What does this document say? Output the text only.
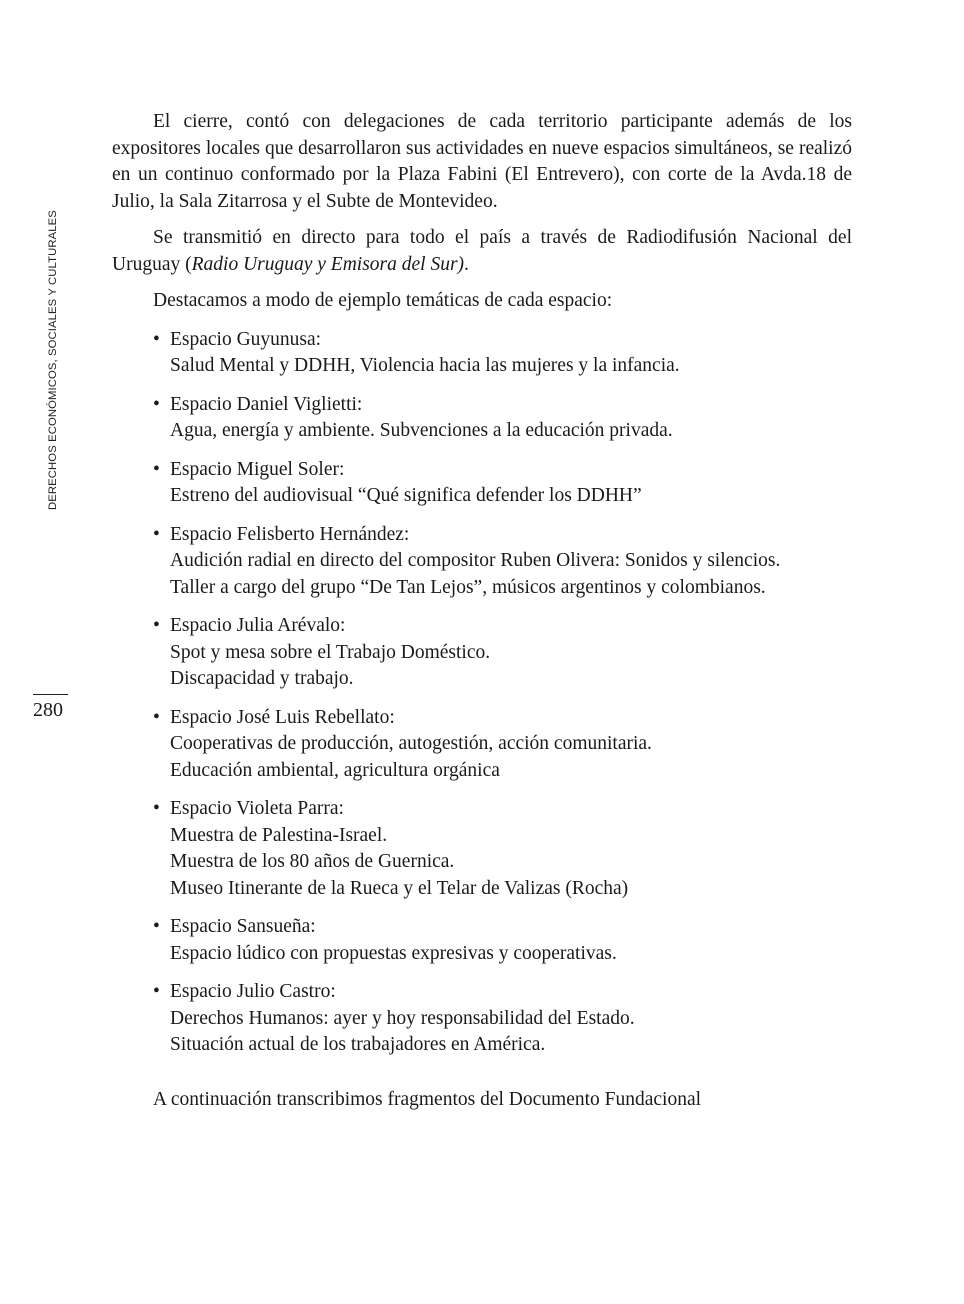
DERECHOS ECONÓMICOS, SOCIALES Y CULTURALES
280

El cierre, contó con delegaciones de cada territorio participante además de los expositores locales que desarrollaron sus actividades en nueve espacios simultáneos, se realizó en un continuo conformado por la Plaza Fabini (El Entrevero), con corte de la Avda.18 de Julio, la Sala Zitarrosa y el Subte de Montevideo.

Se transmitió en directo para todo el país a través de Radiodifusión Nacional del Uruguay (Radio Uruguay y Emisora del Sur).

Destacamos a modo de ejemplo temáticas de cada espacio:

• Espacio Guyunusa:
Salud Mental y DDHH, Violencia hacia las mujeres y la infancia.
• Espacio Daniel Viglietti:
Agua, energía y ambiente. Subvenciones a la educación privada.
• Espacio Miguel Soler:
Estreno del audiovisual “Qué significa defender los DDHH”
• Espacio Felisberto Hernández:
Audición radial en directo del compositor Ruben Olivera: Sonidos y silencios.
Taller a cargo del grupo “De Tan Lejos”, músicos argentinos y colombianos.
• Espacio Julia Arévalo:
Spot y mesa sobre el Trabajo Doméstico.
Discapacidad y trabajo.
• Espacio José Luis Rebellato:
Cooperativas de producción, autogestión, acción comunitaria.
Educación ambiental, agricultura orgánica
• Espacio Violeta Parra:
Muestra de Palestina-Israel.
Muestra de los 80 años de Guernica.
Museo Itinerante de la Rueca y el Telar de Valizas (Rocha)
• Espacio Sansueña:
Espacio lúdico con propuestas expresivas y cooperativas.
• Espacio Julio Castro:
Derechos Humanos: ayer y hoy responsabilidad del Estado.
Situación actual de los trabajadores en América.

A continuación transcribimos fragmentos del Documento Fundacional
